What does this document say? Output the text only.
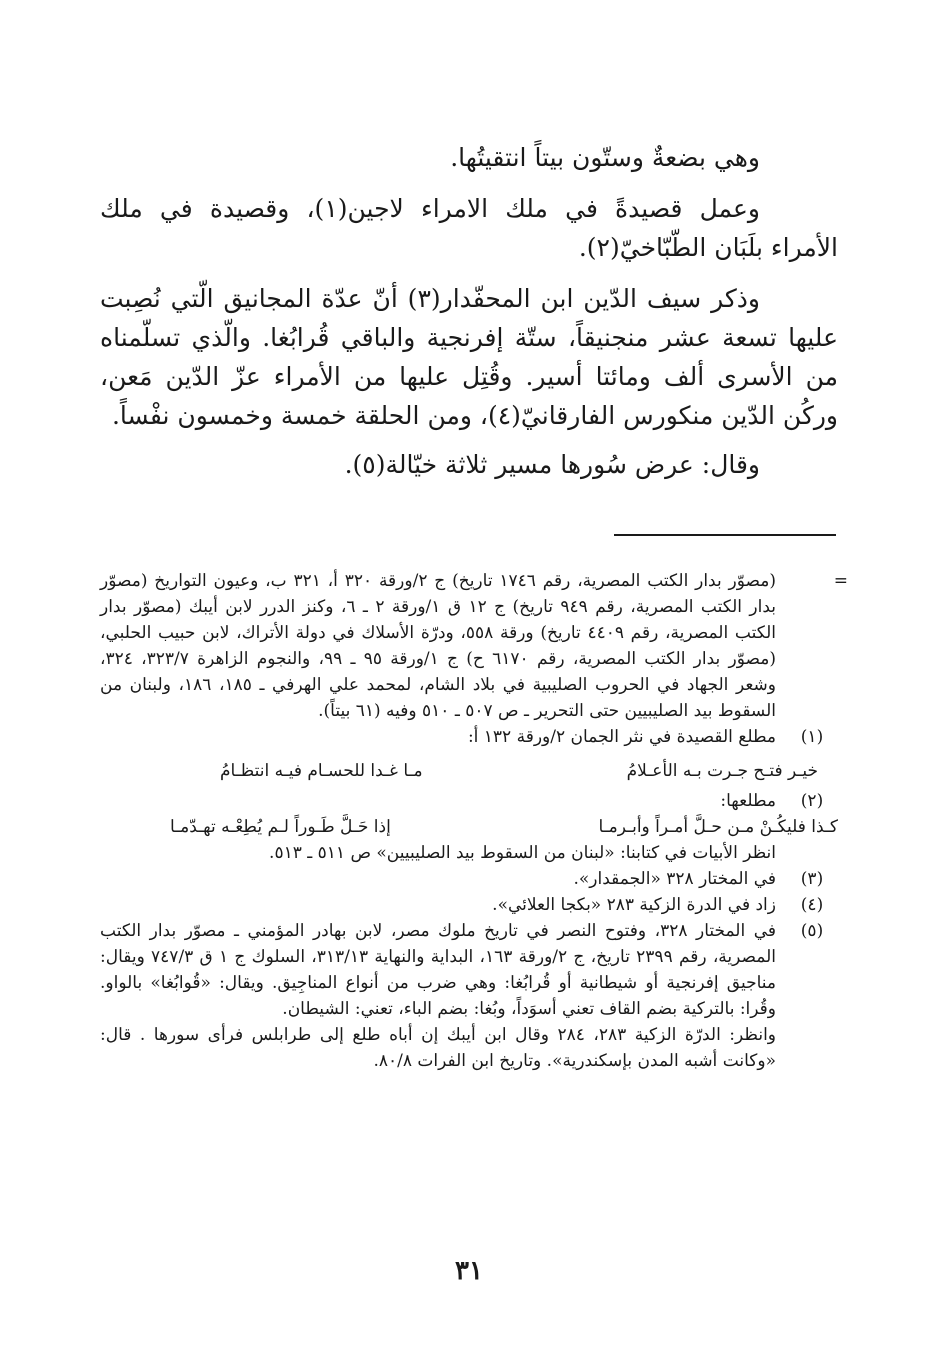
وهي بضعةٌ وستّون بيتاً انتقيتُها.

وعمل قصيدةً في ملك الامراء لاجين(١)، وقصيدة في ملك الأمراء بلَبَان الطّبّاخيّ(٢).

وذكر سيف الدّين ابن المحفّدار(٣) أنّ عدّة المجانيق الّتي نُصِبت عليها تسعة عشر منجنيقاً، ستّة إفرنجية والباقي قُرابُغا. والّذي تسلّمناه من الأسرى ألف ومائتا أسير. وقُتِل عليها من الأمراء عزّ الدّين مَعن، وركُن الدّين منكورس الفارقانيّ(٤)، ومن الحلقة خمسة وخمسون نفْساً.

وقال: عرض سُورها مسير ثلاثة خيّالة(٥).

=
(مصوّر بدار الكتب المصرية، رقم ١٧٤٦ تاريخ) ج ٢/ورقة ٣٢٠ أ، ٣٢١ ب، وعيون التواريخ (مصوّر بدار الكتب المصرية، رقم ٩٤٩ تاريخ) ج ١٢ ق ١/ورقة ٢ ـ ٦، وكنز الدرر لابن أيبك (مصوّر بدار الكتب المصرية، رقم ٤٤٠٩ تاريخ) ورقة ٥٥٨، ودرّة الأسلاك في دولة الأتراك، لابن حبيب الحلبي، (مصوّر بدار الكتب المصرية، رقم ٦١٧٠ ح) ج ١/ورقة ٩٥ ـ ٩٩، والنجوم الزاهرة ٣٢٣/٧، ٣٢٤، وشعر الجهاد في الحروب الصليبية في بلاد الشام، لمحمد علي الهرفي ـ ١٨٥، ١٨٦، ولبنان من السقوط بيد الصليبيين حتى التحرير ـ ص ٥٠٧ ـ ٥١٠ وفيه (٦١ بيتاً).
(١)
مطلع القصيدة في نثر الجمان ٢/ورقة ١٣٢ أ:
خيـر فتـح جـرت بـه الأعـلامُ
مـا غـدا للحسـام فيـه انتظـامُ
(٢)
مطلعها:
كـذا فليكُـنْ مـن حـلَّ أمـراً وأبـرمـا
إذا حَـلَّ طَـوراً لـم يُطِعْـه تهـدّمـا
انظر الأبيات في كتابنا: «لبنان من السقوط بيد الصليبيين» ص ٥١١ ـ ٥١٣.
(٣)
في المختار ٣٢٨ «الجمقدار».
(٤)
زاد في الدرة الزكية ٢٨٣ «بكجا العلائي».
(٥)
في المختار ٣٢٨، وفتوح النصر في تاريخ ملوك مصر، لابن بهادر المؤمني ـ مصوّر بدار الكتب المصرية، رقم ٢٣٩٩ تاريخ، ج ٢/ورقة ١٦٣، البداية والنهاية ٣١٣/١٣، السلوك ج ١ ق ٧٤٧/٣ ويقال: مناجيق إفرنجية أو شيطانية أو قُرابُغا: وهي ضرب من أنواع المناجِيق. ويقال: «قُوابُغا» بالواو. وقُرا: بالتركية بضم القاف تعني أسوَداً، وبُغا: بضم الباء، تعني: الشيطان.
وانظر: الدرّة الزكية ٢٨٣، ٢٨٤ وقال ابن أيبك إن أباه طلع إلى طرابلس فرأى سورها . قال: «وكانت أشبه المدن بإسكندرية». وتاريخ ابن الفرات ٨٠/٨.
٣١
